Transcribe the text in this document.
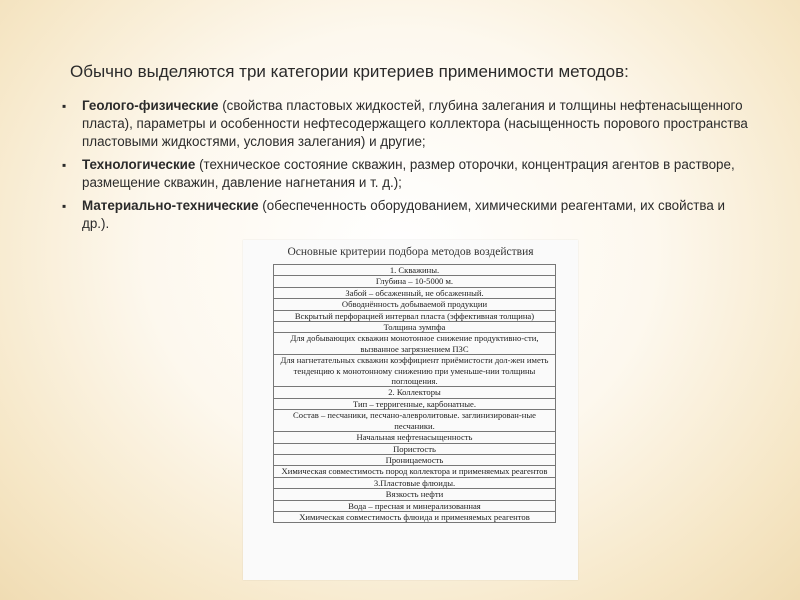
Обычно выделяются три категории критериев применимости методов:
▪ Геолого-физические (свойства пластовых жидкостей, глубина залегания и толщины нефтенасыщенного пласта), параметры и особенности нефтесодержащего коллектора (насыщенность порового пространства пластовыми жидкостями, условия залегания) и другие;
▪ Технологические (техническое состояние скважин, размер оторочки, концентрация агентов в растворе, размещение скважин, давление нагнетания и т. д.);
▪ Материально-технические (обеспеченность оборудованием, химическими реагентами, их свойства и др.).
Основные критерии подбора методов воздействия
1. Скважины.
Глубина – 10-5000 м.
Забой – обсаженный, не обсаженный.
Обводнённость добываемой продукции
Вскрытый перфорацией интервал пласта (эффективная толщина)
Толщина зумпфа
Для добывающих скважин монотонное снижение продуктивно-сти, вызванное загрязнением ПЗС
Для нагнетательных скважин коэффициент приёмистости дол-жен иметь тенденцию к монотонному снижению при уменьше-нии толщины поглощения.
2. Коллекторы
Тип – терригенные, карбонатные.
Состав – песчаники, песчано-алевролитовые. заглинизирован-ные песчаники.
Начальная нефтенасыщенность
Пористость
Проницаемость
Химическая совместимость пород коллектора и применяемых реагентов
3.Пластовые флюиды.
Вязкость нефти
Вода – пресная и минерализованная
Химическая совместимость флюида и применяемых реагентов
